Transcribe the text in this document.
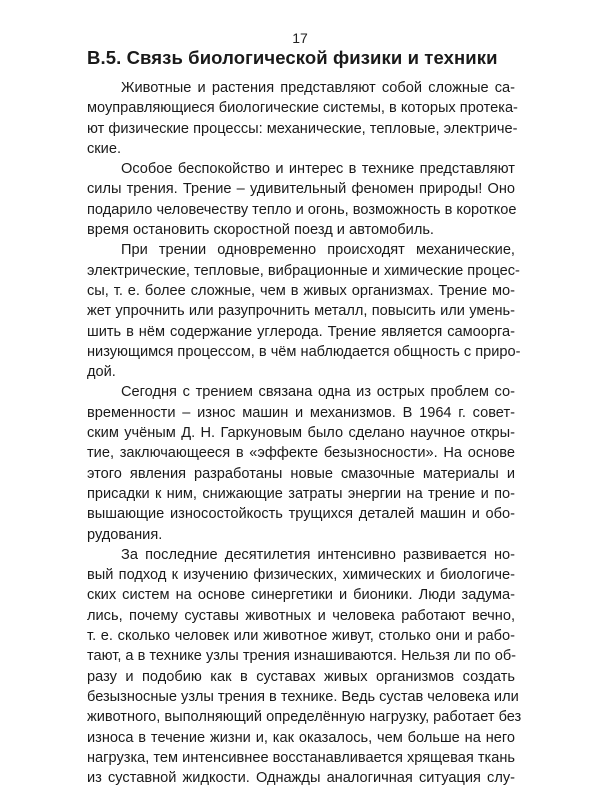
17
В.5. Связь биологической физики и техники
Животные и растения представляют собой сложные са-
моуправляющиеся биологические системы, в которых протека-
ют физические процессы: механические, тепловые, электриче-
ские.
Особое беспокойство и интерес в технике представляют
силы трения. Трение – удивительный феномен природы! Оно
подарило человечеству тепло и огонь, возможность в короткое
время остановить скоростной поезд и автомобиль.
При трении одновременно происходят механические,
электрические, тепловые, вибрационные и химические процес-
сы, т. е. более сложные, чем в живых организмах. Трение мо-
жет упрочнить или разупрочнить металл, повысить или умень-
шить в нём содержание углерода. Трение является самоорга-
низующимся процессом, в чём наблюдается общность с приро-
дой.
Сегодня с трением связана одна из острых проблем со-
временности – износ машин и механизмов. В 1964 г. совет-
ским учёным Д. Н. Гаркуновым было сделано научное откры-
тие, заключающееся в «эффекте безызносности». На основе
этого явления разработаны новые смазочные материалы и
присадки к ним, снижающие затраты энергии на трение и по-
вышающие износостойкость трущихся деталей машин и обо-
рудования.
За последние десятилетия интенсивно развивается но-
вый подход к изучению физических, химических и биологиче-
ских систем на основе синергетики и бионики. Люди задума-
лись, почему суставы животных и человека работают вечно,
т. е. сколько человек или животное живут, столько они и рабо-
тают, а в технике узлы трения изнашиваются. Нельзя ли по об-
разу и подобию как в суставах живых организмов создать
безызносные узлы трения в технике. Ведь сустав человека или
животного, выполняющий определённую нагрузку, работает без
износа в течение жизни и, как оказалось, чем больше на него
нагрузка, тем интенсивнее восстанавливается хрящевая ткань
из суставной жидкости. Однажды аналогичная ситуация слу-
